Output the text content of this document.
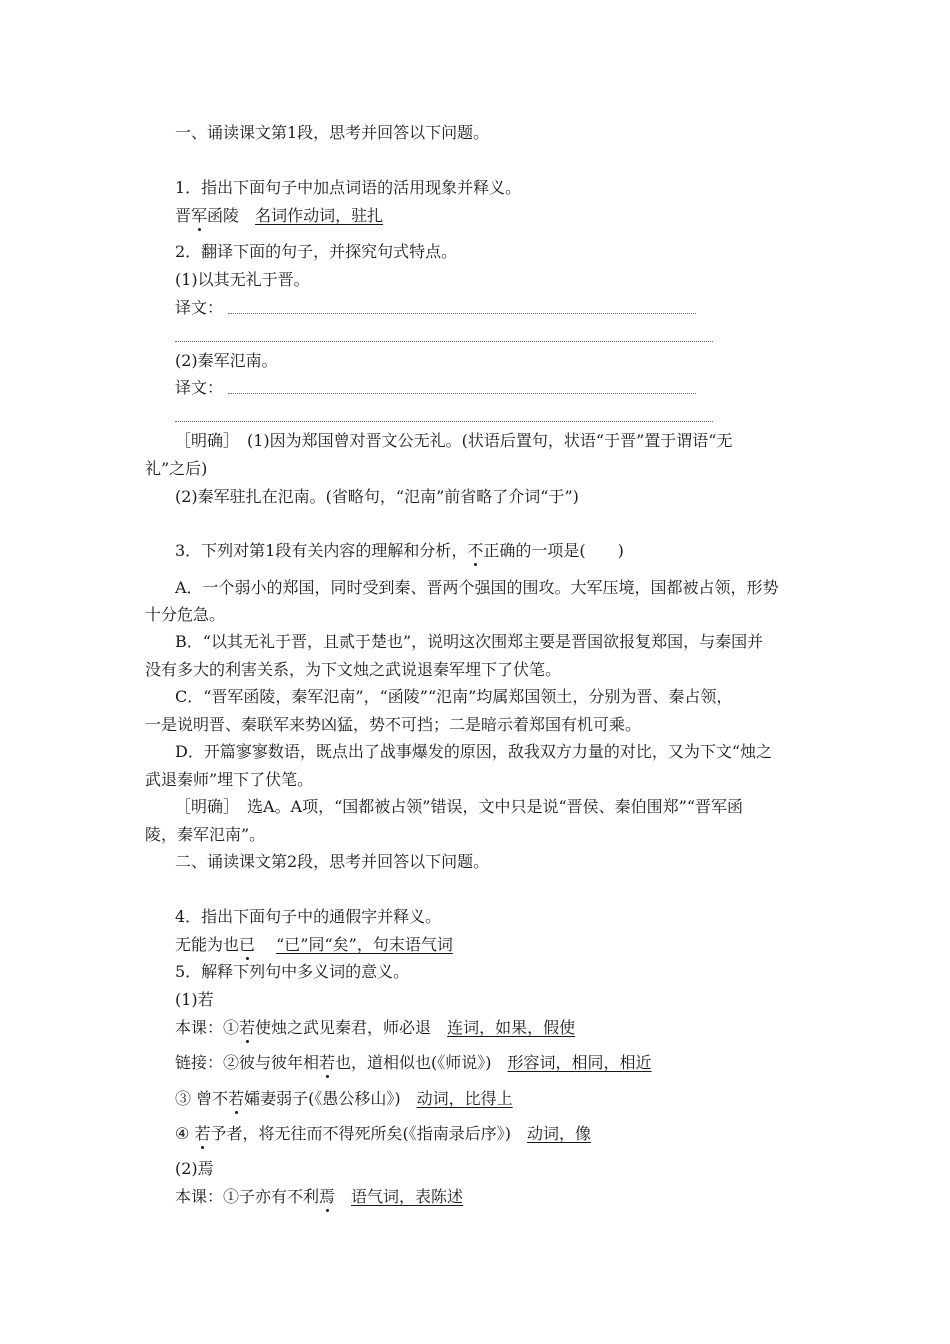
一、诵读课文第1段，思考并回答以下问题。
1．指出下面句子中加点词语的活用现象并释义。
晋军函陵　 名词作动词，驻扎
2．翻译下面的句子，并探究句式特点。
(1)以其无礼于晋。
译文：
(2)秦军氾南。
译文：
［明确］　(1)因为郑国曾对晋文公无礼。(状语后置句，状语“于晋”置于谓语“无
礼”之后)
(2)秦军驻扎在氾南。(省略句，“氾南”前省略了介词“于”)
3．下列对第1段有关内容的理解和分析，不正确的一项是(　　)
A．一个弱小的郑国，同时受到秦、晋两个强国的围攻。大军压境，国都被占领，形势
十分危急。
B．“以其无礼于晋，且贰于楚也”，说明这次围郑主要是晋国欲报复郑国，与秦国并
没有多大的利害关系，为下文烛之武说退秦军埋下了伏笔。
C．“晋军函陵，秦军氾南”，“函陵”“氾南”均属郑国领土，分别为晋、秦占领，
一是说明晋、秦联军来势凶猛，势不可挡；二是暗示着郑国有机可乘。
D．开篇寥寥数语，既点出了战事爆发的原因，敌我双方力量的对比，又为下文“烛之
武退秦师”埋下了伏笔。
［明确］　选A。A项，“国都被占领”错误，文中只是说“晋侯、秦伯围郑”“晋军函
陵，秦军氾南”。
二、诵读课文第2段，思考并回答以下问题。
4．指出下面句子中的通假字并释义。
无能为也已　 “已”同“矣”，句末语气词
5．解释下列句中多义词的意义。
(1)若
本课：①若使烛之武见秦君，师必退　 连词，如果，假使
链接：②彼与彼年相若也，道相似也(《师说》)　 形容词，相同，相近
③ 曾不若孀妻弱子(《愚公移山》)　 动词，比得上
④ 若予者，将无往而不得死所矣(《指南录后序》)　 动词，像
(2)焉
本课：①子亦有不利焉　 语气词，表陈述
